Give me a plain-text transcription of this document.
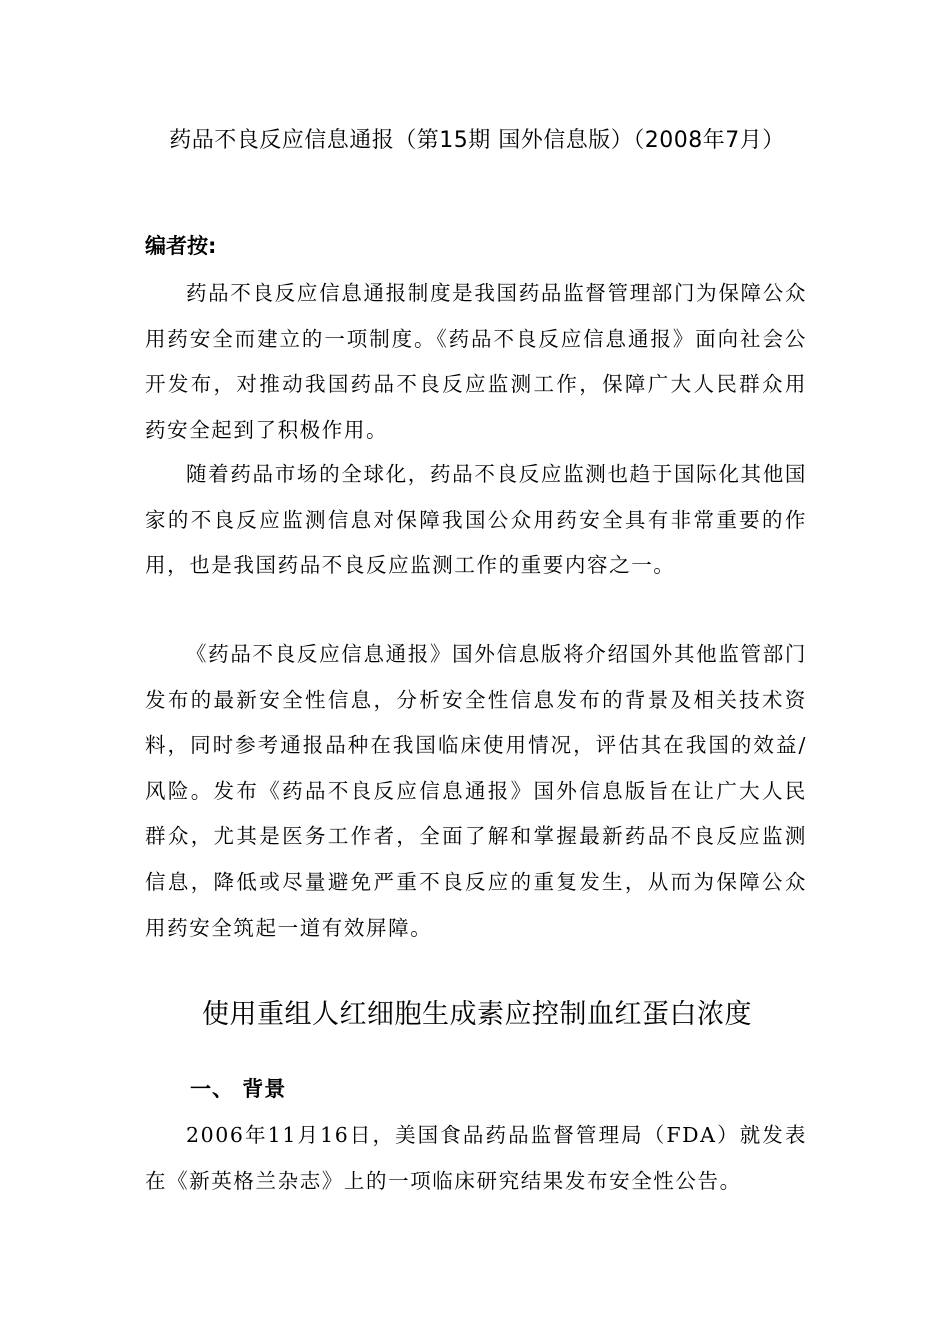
药品不良反应信息通报（第15期 国外信息版）（2008年7月）
编者按:

药品不良反应信息通报制度是我国药品监督管理部门为保障公众用药安全而建立的一项制度。《药品不良反应信息通报》面向社会公开发布，对推动我国药品不良反应监测工作，保障广大人民群众用药安全起到了积极作用。

随着药品市场的全球化，药品不良反应监测也趋于国际化其他国家的不良反应监测信息对保障我国公众用药安全具有非常重要的作用，也是我国药品不良反应监测工作的重要内容之一。

《药品不良反应信息通报》国外信息版将介绍国外其他监管部门发布的最新安全性信息，分析安全性信息发布的背景及相关技术资料，同时参考通报品种在我国临床使用情况，评估其在我国的效益/风险。发布《药品不良反应信息通报》国外信息版旨在让广大人民群众，尤其是医务工作者，全面了解和掌握最新药品不良反应监测信息，降低或尽量避免严重不良反应的重复发生，从而为保障公众用药安全筑起一道有效屏障。

使用重组人红细胞生成素应控制血红蛋白浓度
一、 背景

2006年11月16日，美国食品药品监督管理局（FDA）就发表在《新英格兰杂志》上的一项临床研究结果发布安全性公告。
